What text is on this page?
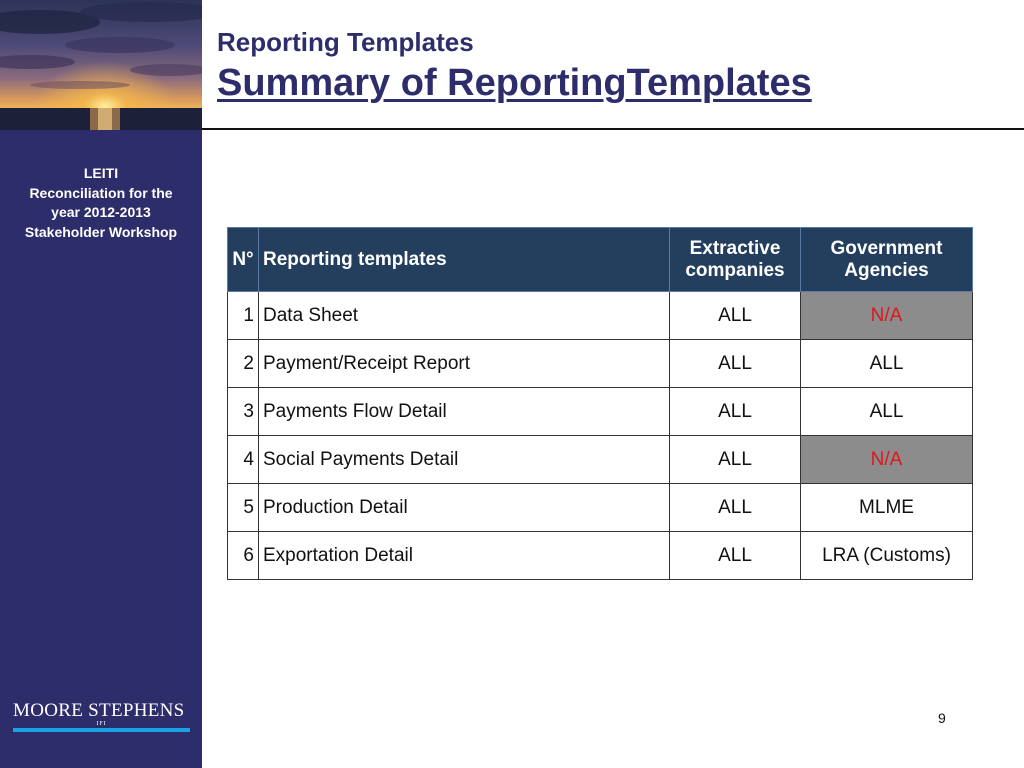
LEITI
Reconciliation for the
year 2012-2013
Stakeholder Workshop
MOORE STEPHENS
IFI
Reporting Templates
Summary of ReportingTemplates
N°	Reporting templates	Extractive companies	Government Agencies
1	Data Sheet	ALL	N/A
2	Payment/Receipt Report	ALL	ALL
3	Payments Flow Detail	ALL	ALL
4	Social Payments Detail	ALL	N/A
5	Production Detail	ALL	MLME
6	Exportation Detail	ALL	LRA (Customs)
9
